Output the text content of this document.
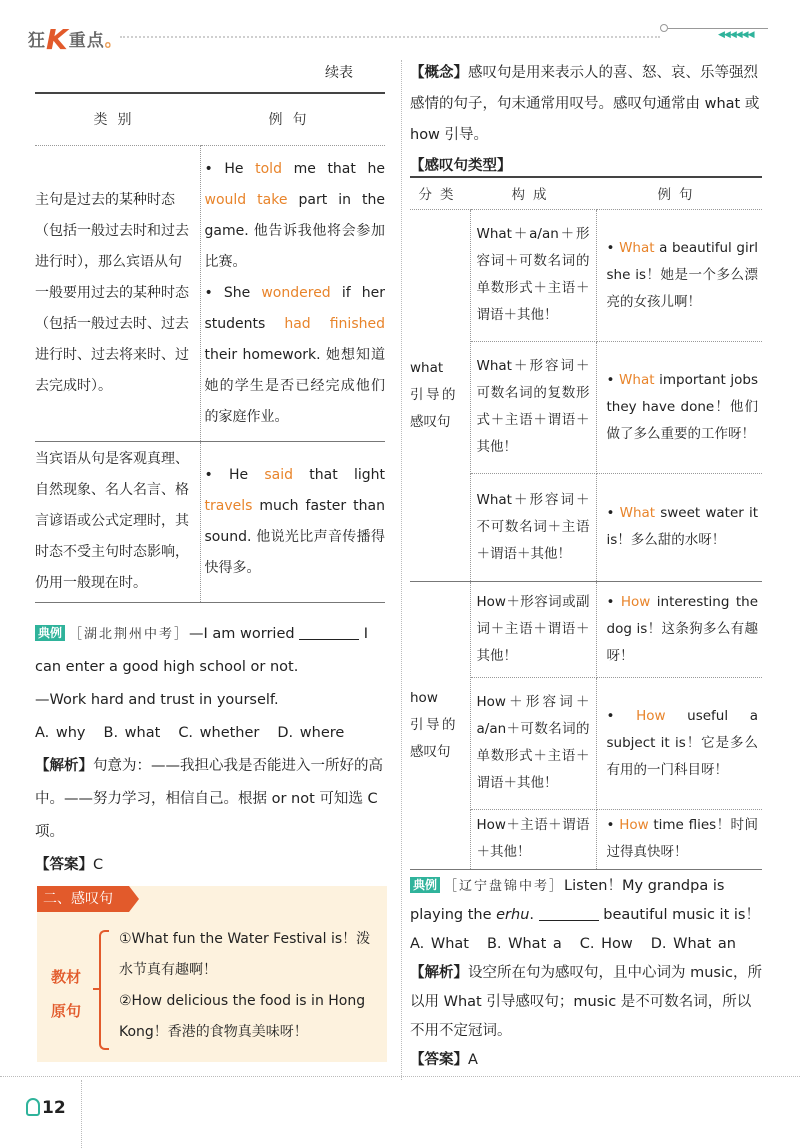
狂K重点。	◀◀◀◀◀◀
续表
类别	例句
主句是过去的某种时态（包括一般过去时和过去进行时），那么宾语从句一般要用过去的某种时态（包括一般过去时、过去进行时、过去将来时、过去完成时）。	• He told me that he would take part in the game. 他告诉我他将会参加比赛。
• She wondered if her students had finished their homework. 她想知道她的学生是否已经完成他们的家庭作业。

当宾语从句是客观真理、自然现象、名人名言、格言谚语或公式定理时，其时态不受主句时态影响，仍用一般现在时。	• He said that light travels much faster than sound. 他说光比声音传播得快得多。
典例 ［湖北荆州中考］—I am worried	I can enter a good high school or not.
—Work hard and trust in yourself.
A. why B. what C. whether D. where
【解析】句意为：——我担心我是否能进入一所好的高中。——努力学习，相信自己。根据 or not 可知选 C 项。
【答案】C
二、感叹句
教材原句
①What fun the Water Festival is！泼水节真有趣啊！
②How delicious the food is in Hong Kong！香港的食物真美味呀！
【概念】感叹句是用来表示人的喜、怒、哀、乐等强烈感情的句子，句末通常用叹号。感叹句通常由 what 或 how 引导。
【感叹句类型】
分类	构成	例句
what 引导的感叹句	What＋a/an＋形容词＋可数名词的单数形式＋主语＋谓语＋其他！	• What a beautiful girl she is！她是一个多么漂亮的女孩儿啊！
	What＋形容词＋可数名词的复数形式＋主语＋谓语＋其他！	• What important jobs they have done！他们做了多么重要的工作呀！
	What＋形容词＋不可数名词＋主语＋谓语＋其他！	• What sweet water it is！多么甜的水呀！
how 引导的感叹句	How＋形容词或副词＋主语＋谓语＋其他！	• How interesting the dog is！这条狗多么有趣呀！
	How＋形容词＋a/an＋可数名词的单数形式＋主语＋谓语＋其他！	• How useful a subject it is！它是多么有用的一门科目呀！
	How＋主语＋谓语＋其他！	• How time flies！时间过得真快呀！
典例 ［辽宁盘锦中考］Listen！My grandpa is playing the erhu.	beautiful music it is！
A. What B. What a C. How D. What an
【解析】设空所在句为感叹句，且中心词为 music，所以用 What 引导感叹句；music 是不可数名词，所以不用不定冠词。
【答案】A
12
